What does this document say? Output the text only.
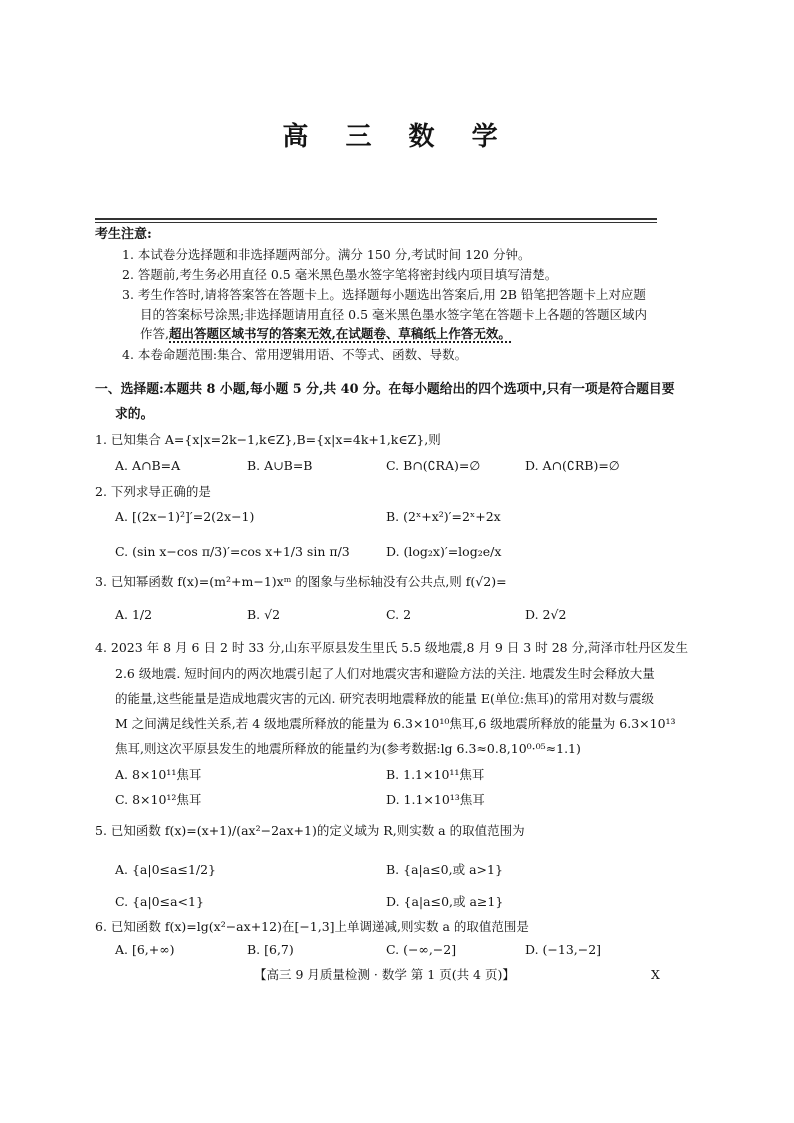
高 三 数 学
考生注意:
1. 本试卷分选择题和非选择题两部分。满分 150 分,考试时间 120 分钟。
2. 答题前,考生务必用直径 0.5 毫米黑色墨水签字笔将密封线内项目填写清楚。
3. 考生作答时,请将答案答在答题卡上。选择题每小题选出答案后,用 2B 铅笔把答题卡上对应题
目的答案标号涂黑;非选择题请用直径 0.5 毫米黑色墨水签字笔在答题卡上各题的答题区域内
作答,超出答题区域书写的答案无效,在试题卷、草稿纸上作答无效。
4. 本卷命题范围:集合、常用逻辑用语、不等式、函数、导数。
一、选择题:本题共 8 小题,每小题 5 分,共 40 分。在每小题给出的四个选项中,只有一项是符合题目要
求的。
1. 已知集合 A={x|x=2k−1,k∈Z},B={x|x=4k+1,k∈Z},则
A. A∩B=A	B. A∪B=B	C. B∩(∁RA)=∅	D. A∩(∁RB)=∅
2. 下列求导正确的是
A. [(2x−1)²]′=2(2x−1)	B. (2ˣ+x²)′=2ˣ+2x
C. (sin x−cos π/3)′=cos x+1/3 sin π/3	D. (log₂x)′=log₂e/x
3. 已知幂函数 f(x)=(m²+m−1)xᵐ 的图象与坐标轴没有公共点,则 f(√2)=
A. 1/2	B. √2	C. 2	D. 2√2
4. 2023 年 8 月 6 日 2 时 33 分,山东平原县发生里氏 5.5 级地震,8 月 9 日 3 时 28 分,菏泽市牡丹区发生
2.6 级地震. 短时间内的两次地震引起了人们对地震灾害和避险方法的关注. 地震发生时会释放大量
的能量,这些能量是造成地震灾害的元凶. 研究表明地震释放的能量 E(单位:焦耳)的常用对数与震级
M 之间满足线性关系,若 4 级地震所释放的能量为 6.3×10¹⁰焦耳,6 级地震所释放的能量为 6.3×10¹³
焦耳,则这次平原县发生的地震所释放的能量约为(参考数据:lg 6.3≈0.8,10⁰·⁰⁵≈1.1)
A. 8×10¹¹焦耳	B. 1.1×10¹¹焦耳
C. 8×10¹²焦耳	D. 1.1×10¹³焦耳
5. 已知函数 f(x)=(x+1)/(ax²−2ax+1)的定义域为 R,则实数 a 的取值范围为
A. {a|0≤a≤1/2}	B. {a|a≤0,或 a>1}
C. {a|0≤a<1}	D. {a|a≤0,或 a≥1}
6. 已知函数 f(x)=lg(x²−ax+12)在[−1,3]上单调递减,则实数 a 的取值范围是
A. [6,+∞)	B. [6,7)	C. (−∞,−2]	D. (−13,−2]
【高三 9 月质量检测 · 数学 第 1 页(共 4 页)】	X
